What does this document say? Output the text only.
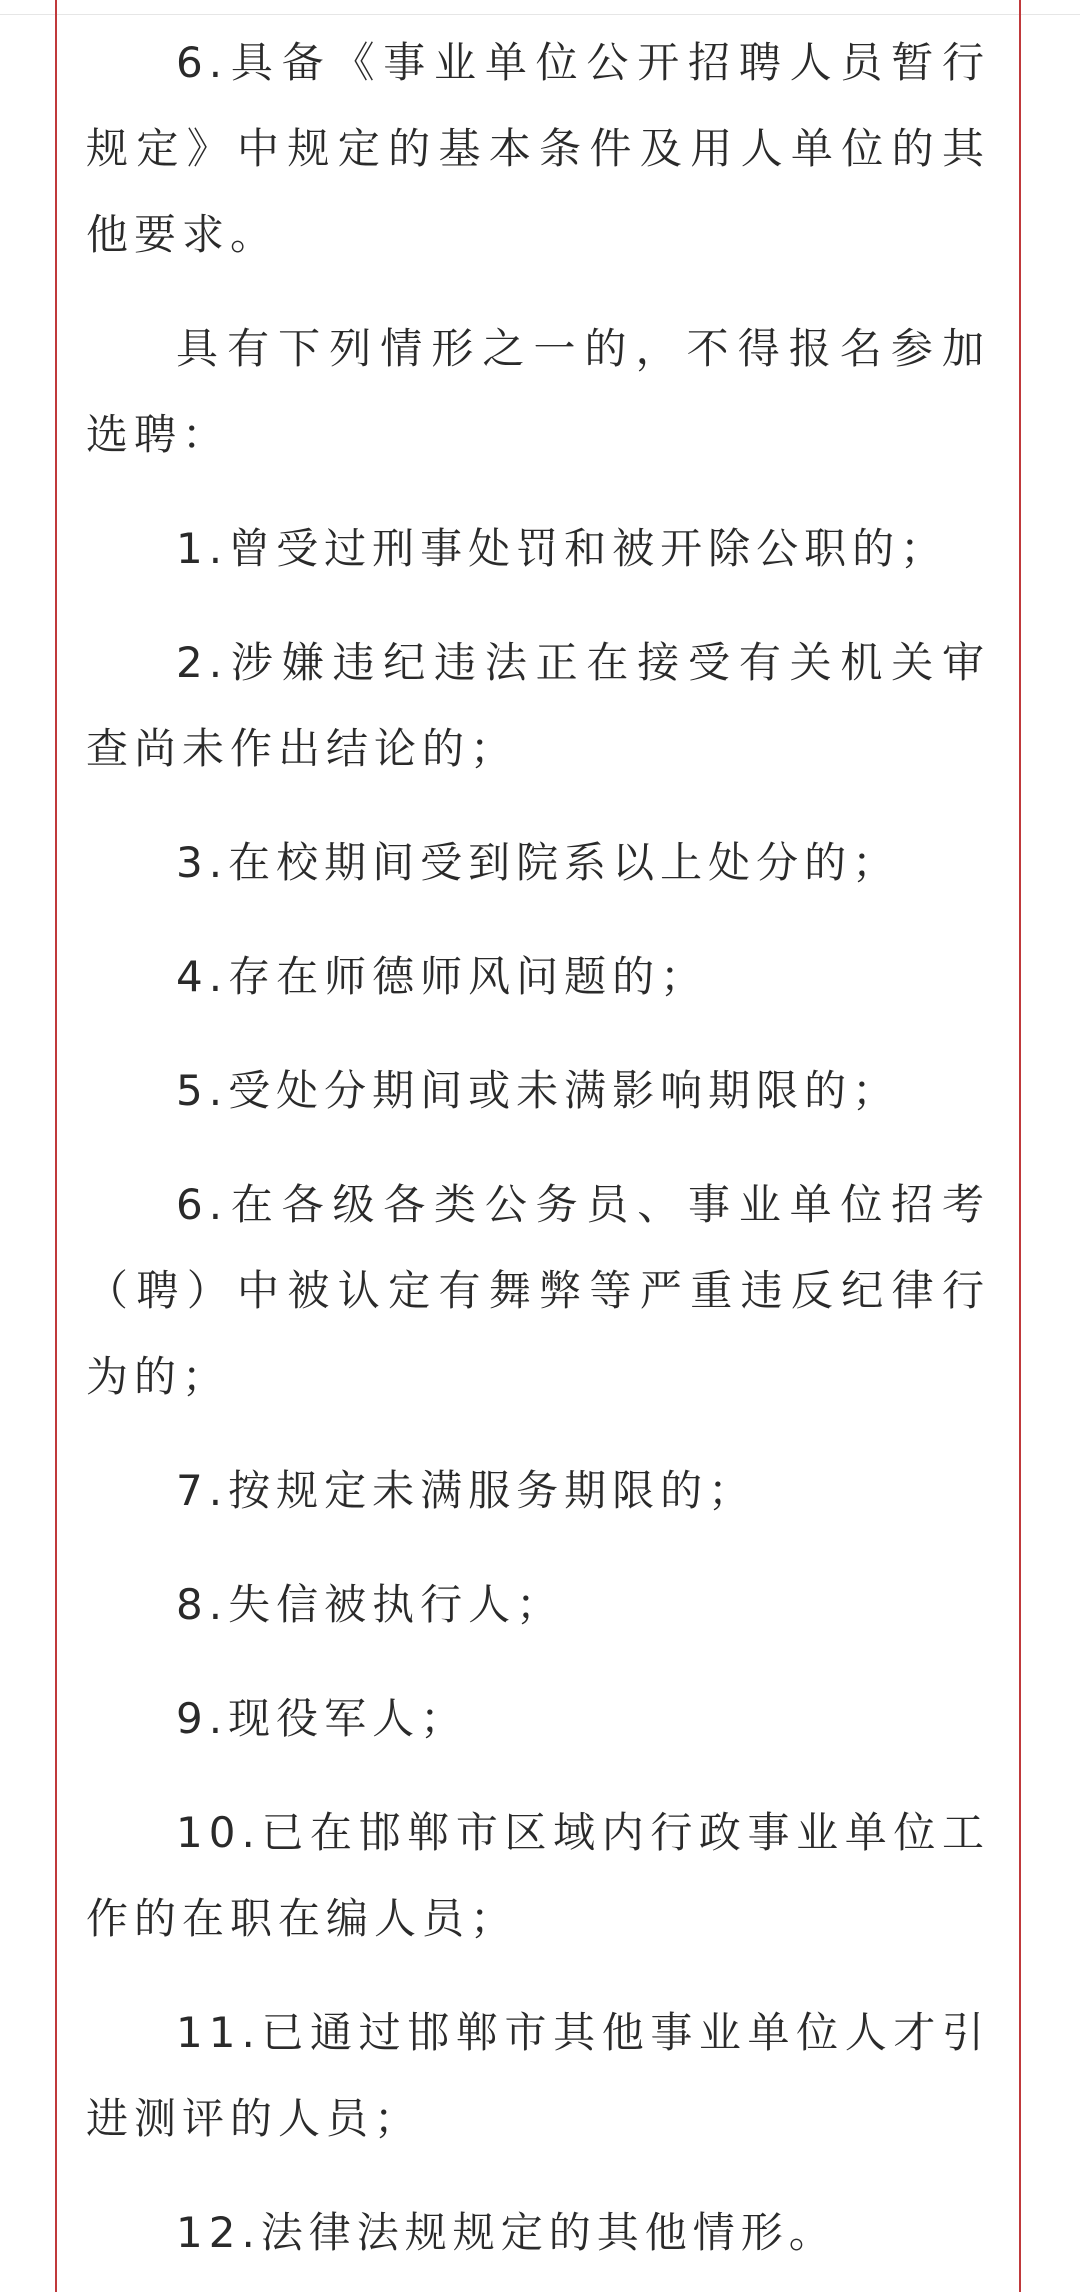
6.具备《事业单位公开招聘人员暂行规定》中规定的基本条件及用人单位的其他要求。

具有下列情形之一的，不得报名参加选聘：

1.曾受过刑事处罚和被开除公职的；

2.涉嫌违纪违法正在接受有关机关审查尚未作出结论的；

3.在校期间受到院系以上处分的；

4.存在师德师风问题的；

5.受处分期间或未满影响期限的；

6.在各级各类公务员、事业单位招考（聘）中被认定有舞弊等严重违反纪律行为的；

7.按规定未满服务期限的；

8.失信被执行人；

9.现役军人；

10.已在邯郸市区域内行政事业单位工作的在职在编人员；

11.已通过邯郸市其他事业单位人才引进测评的人员；

12.法律法规规定的其他情形。
